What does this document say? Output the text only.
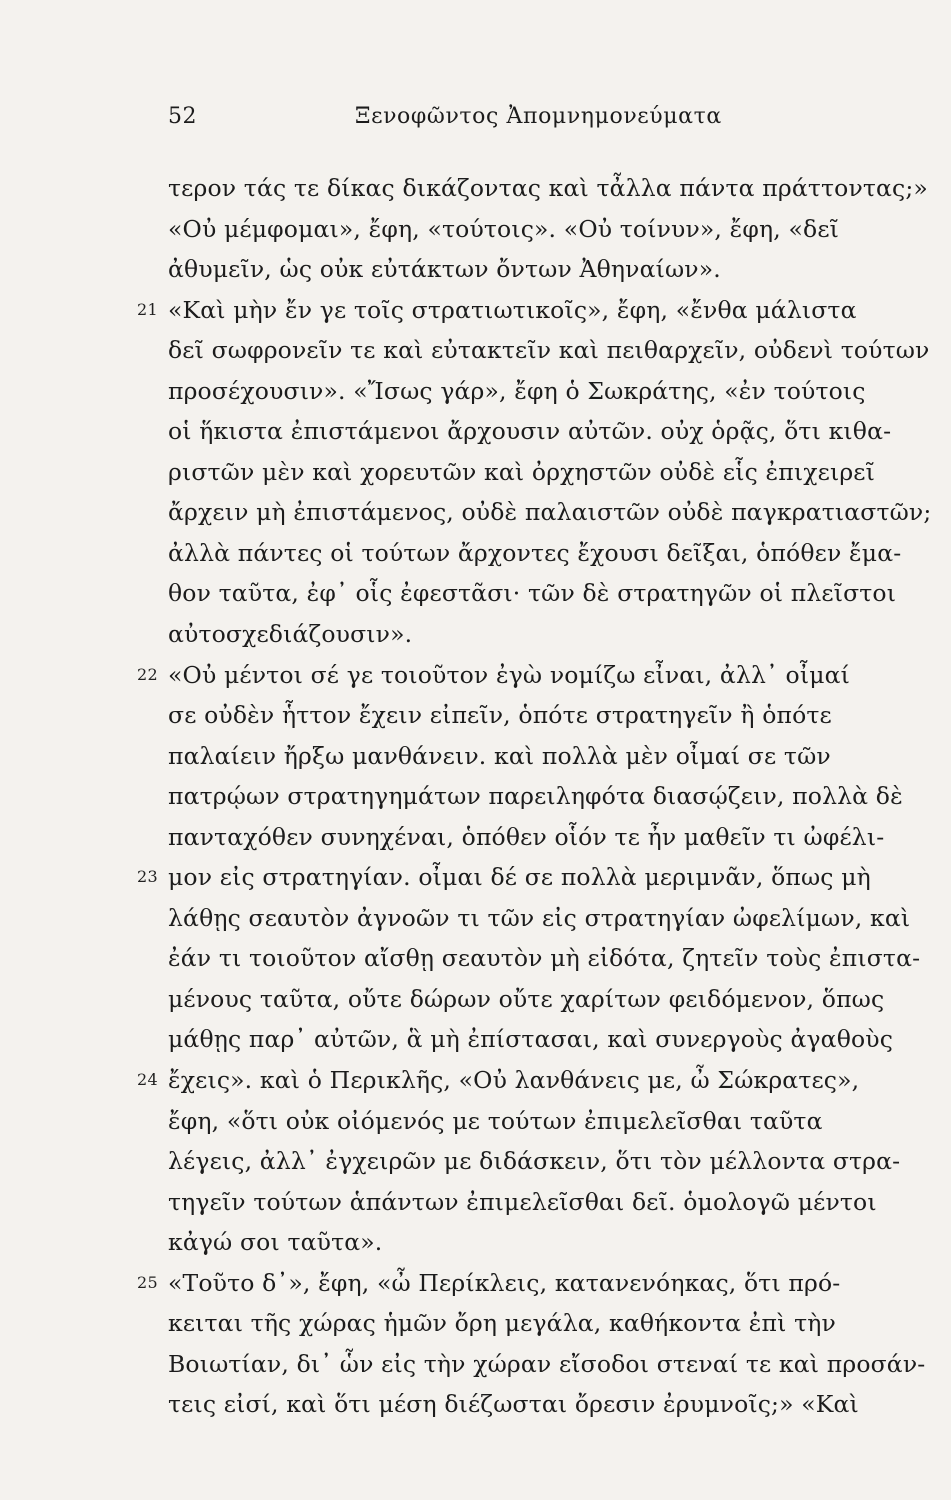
52	Ξενοφῶντος Ἀπομνημονεύματα
τερον τάς τε δίκας δικάζοντας καὶ τἆλλα πάντα πράττοντας;»
«Οὐ μέμφομαι», ἔφη, «τούτοις». «Οὐ τοίνυν», ἔφη, «δεῖ
ἀθυμεῖν, ὡς οὐκ εὐτάκτων ὄντων Ἀθηναίων».
21 «Καὶ μὴν ἔν γε τοῖς στρατιωτικοῖς», ἔφη, «ἔνθα μάλιστα
δεῖ σωφρονεῖν τε καὶ εὐτακτεῖν καὶ πειθαρχεῖν, οὐδενὶ τούτων
προσέχουσιν». «Ἴσως γάρ», ἔφη ὁ Σωκράτης, «ἐν τούτοις
οἱ ἥκιστα ἐπιστάμενοι ἄρχουσιν αὐτῶν. οὐχ ὁρᾷς, ὅτι κιθα-
ριστῶν μὲν καὶ χορευτῶν καὶ ὀρχηστῶν οὐδὲ εἷς ἐπιχειρεῖ
ἄρχειν μὴ ἐπιστάμενος, οὐδὲ παλαιστῶν οὐδὲ παγκρατιαστῶν;
ἀλλὰ πάντες οἱ τούτων ἄρχοντες ἔχουσι δεῖξαι, ὁπόθεν ἔμα-
θον ταῦτα, ἐφ᾽ οἷς ἐφεστᾶσι· τῶν δὲ στρατηγῶν οἱ πλεῖστοι
αὐτοσχεδιάζουσιν».
22 «Οὐ μέντοι σέ γε τοιοῦτον ἐγὼ νομίζω εἶναι, ἀλλ᾽ οἶμαί
σε οὐδὲν ἧττον ἔχειν εἰπεῖν, ὁπότε στρατηγεῖν ἢ ὁπότε
παλαίειν ἤρξω μανθάνειν. καὶ πολλὰ μὲν οἶμαί σε τῶν
πατρῴων στρατηγημάτων παρειληφότα διασῴζειν, πολλὰ δὲ
πανταχόθεν συνηχέναι, ὁπόθεν οἷόν τε ἦν μαθεῖν τι ὠφέλι-
23 μον εἰς στρατηγίαν. οἶμαι δέ σε πολλὰ μεριμνᾶν, ὅπως μὴ
λάθῃς σεαυτὸν ἀγνοῶν τι τῶν εἰς στρατηγίαν ὠφελίμων, καὶ
ἐάν τι τοιοῦτον αἴσθῃ σεαυτὸν μὴ εἰδότα, ζητεῖν τοὺς ἐπιστα-
μένους ταῦτα, οὔτε δώρων οὔτε χαρίτων φειδόμενον, ὅπως
μάθῃς παρ᾽ αὐτῶν, ἃ μὴ ἐπίστασαι, καὶ συνεργοὺς ἀγαθοὺς
24 ἔχεις». καὶ ὁ Περικλῆς, «Οὐ λανθάνεις με, ὦ Σώκρατες»,
ἔφη, «ὅτι οὐκ οἰόμενός με τούτων ἐπιμελεῖσθαι ταῦτα
λέγεις, ἀλλ᾽ ἐγχειρῶν με διδάσκειν, ὅτι τὸν μέλλοντα στρα-
τηγεῖν τούτων ἁπάντων ἐπιμελεῖσθαι δεῖ. ὁμολογῶ μέντοι
κἀγώ σοι ταῦτα».
25 «Τοῦτο δ᾽», ἔφη, «ὦ Περίκλεις, κατανενόηκας, ὅτι πρό-
κειται τῆς χώρας ἡμῶν ὄρη μεγάλα, καθήκοντα ἐπὶ τὴν
Βοιωτίαν, δι᾽ ὧν εἰς τὴν χώραν εἴσοδοι στεναί τε καὶ προσάν-
τεις εἰσί, καὶ ὅτι μέση διέζωσται ὄρεσιν ἐρυμνοῖς;» «Καὶ
